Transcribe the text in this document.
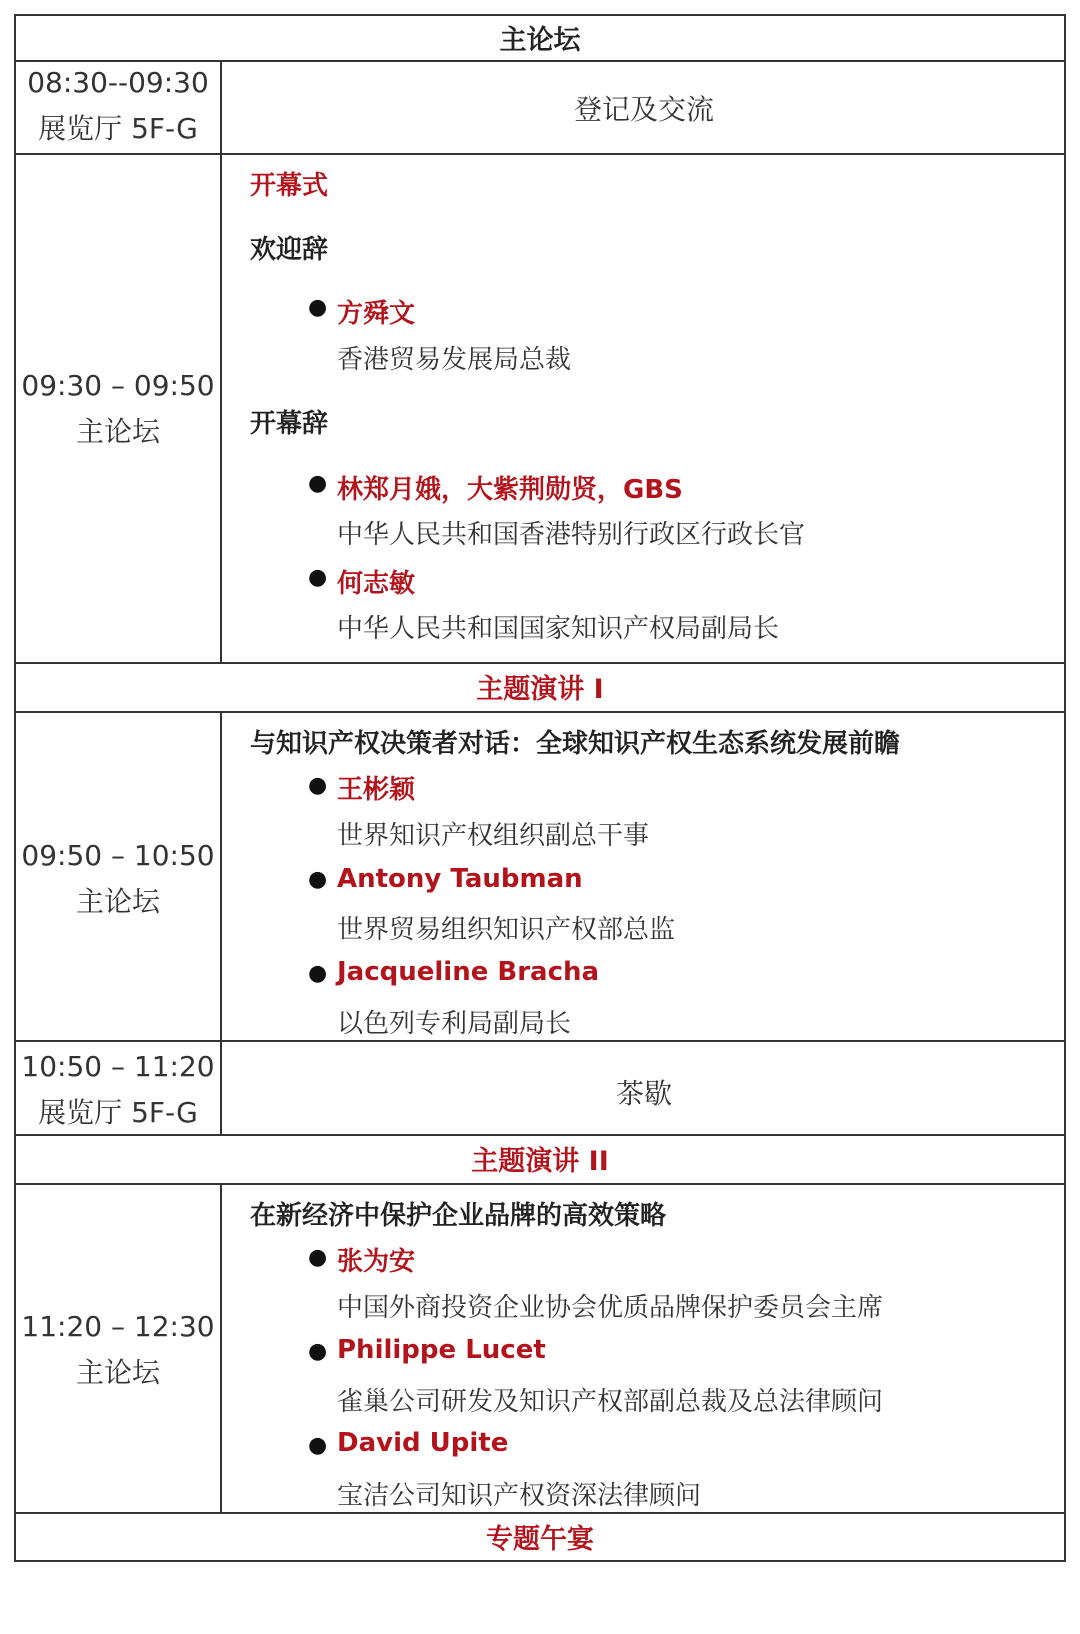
主论坛
08:30--09:30
展览厅 5F-G
登记及交流
09:30 – 09:50
主论坛
开幕式
欢迎辞
● 方舜文
香港贸易发展局总裁
开幕辞
● 林郑月娥，大紫荆勋贤，GBS
中华人民共和国香港特别行政区行政长官
● 何志敏
中华人民共和国国家知识产权局副局长
主题演讲 I
09:50 – 10:50
主论坛
与知识产权决策者对话：全球知识产权生态系统发展前瞻
● 王彬颖
世界知识产权组织副总干事
● Antony Taubman
世界贸易组织知识产权部总监
● Jacqueline Bracha
以色列专利局副局长
10:50 – 11:20
展览厅 5F-G
茶歇
主题演讲 II
11:20 – 12:30
主论坛
在新经济中保护企业品牌的高效策略
● 张为安
中国外商投资企业协会优质品牌保护委员会主席
● Philippe Lucet
雀巢公司研发及知识产权部副总裁及总法律顾问
● David Upite
宝洁公司知识产权资深法律顾问
专题午宴
